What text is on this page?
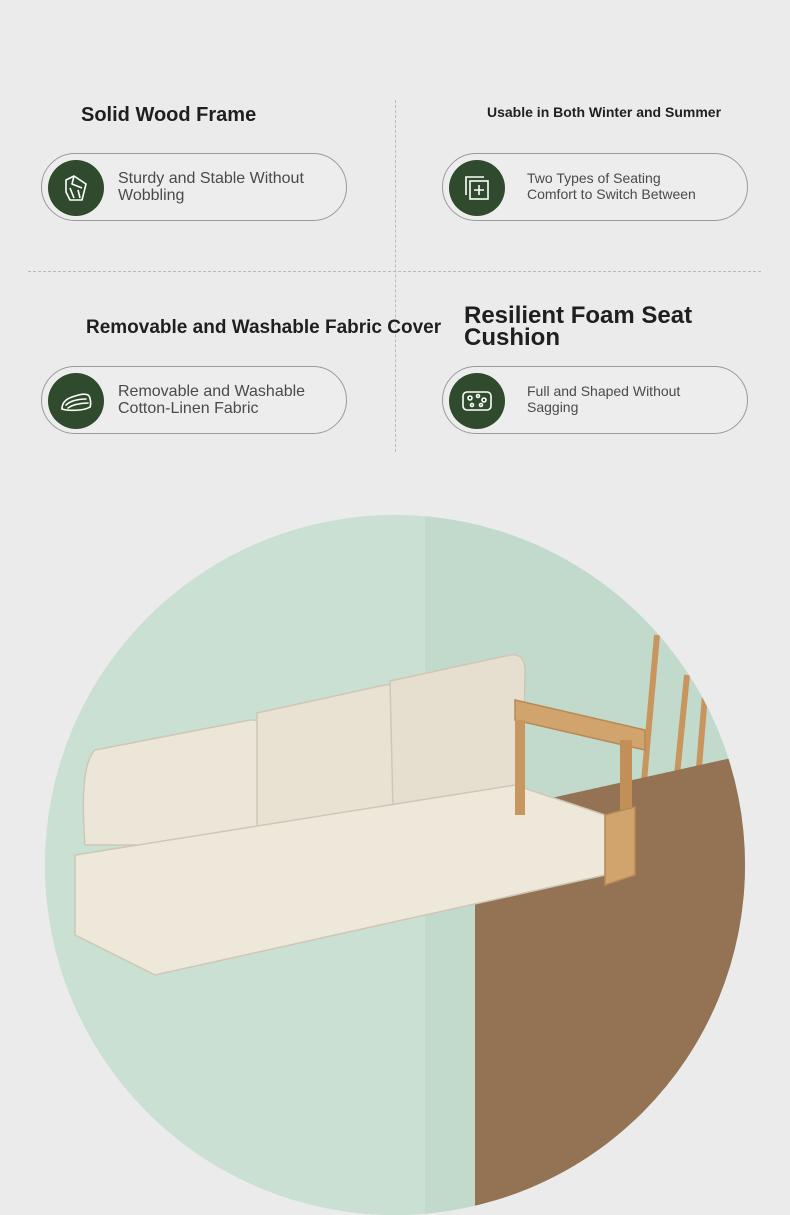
Solid Wood Frame
Sturdy and Stable Without
Wobbling
Usable in Both Winter and Summer
Two Types of Seating
Comfort to Switch Between
Removable and Washable Fabric Cover
Removable and Washable
Cotton-Linen Fabric
Resilient Foam Seat Cushion
Full and Shaped Without
Sagging
